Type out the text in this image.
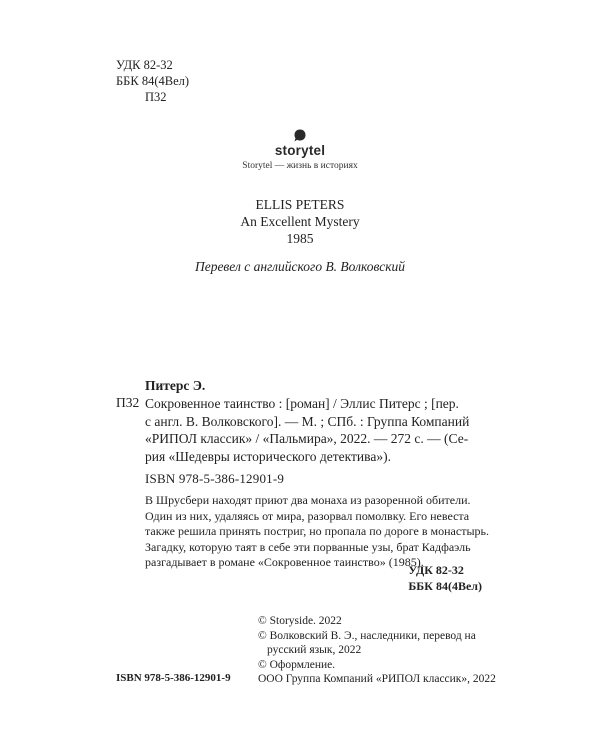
УДК 82-32
ББК 84(4Вел)
П32
storytel
Storytel — жизнь в историях
ELLIS PETERS
An Excellent Mystery
1985
Перевел с английского В. Волковский
Питерс Э.
П32 Сокровенное таинство : [роман] / Эллис Питерс ; [пер.
с англ. В. Волковского]. — М. ; СПб. : Группа Компаний
«РИПОЛ классик» / «Пальмира», 2022. — 272 с. — (Се-
рия «Шедевры исторического детектива»).
ISBN 978-5-386-12901-9
В Шрусбери находят приют два монаха из разоренной обители.
Один из них, удаляясь от мира, разорвал помолвку. Его невеста
также решила принять постриг, но пропала по дороге в монастырь.
Загадку, которую таят в себе эти порванные узы, брат Кадфаэль
разгадывает в романе «Сокровенное таинство» (1985).
УДК 82-32
ББК 84(4Вел)
© Storyside. 2022
© Волковский В. Э., наследники, перевод на
русский язык, 2022
© Оформление.
ООО Группа Компаний «РИПОЛ классик», 2022
ISBN 978-5-386-12901-9
